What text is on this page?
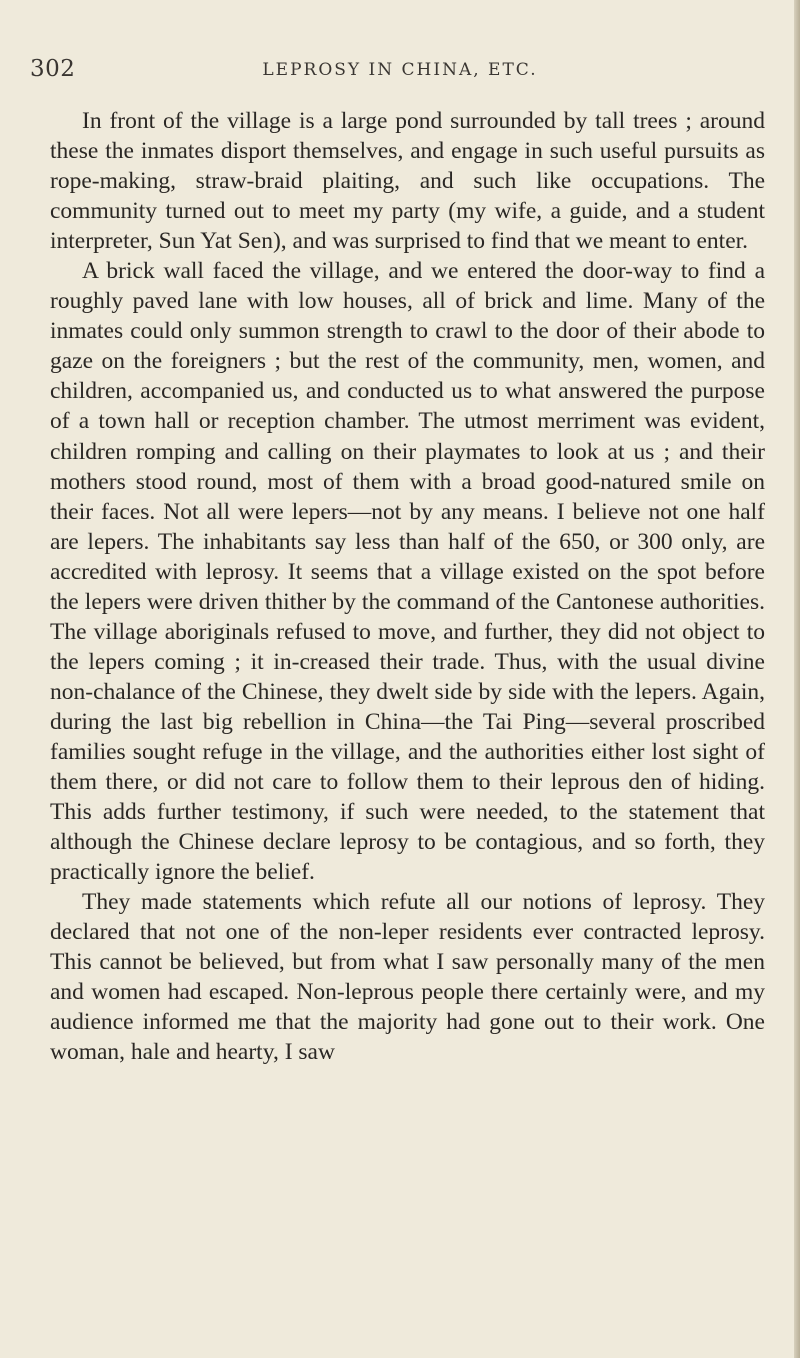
302	LEPROSY IN CHINA, ETC.

In front of the village is a large pond surrounded by tall trees ; around these the inmates disport themselves, and engage in such useful pursuits as rope-making, straw-braid plaiting, and such like occupations. The community turned out to meet my party (my wife, a guide, and a student interpreter, Sun Yat Sen), and was surprised to find that we meant to enter.

A brick wall faced the village, and we entered the door-way to find a roughly paved lane with low houses, all of brick and lime. Many of the inmates could only summon strength to crawl to the door of their abode to gaze on the foreigners ; but the rest of the community, men, women, and children, accompanied us, and conducted us to what answered the purpose of a town hall or reception chamber. The utmost merriment was evident, children romping and calling on their playmates to look at us ; and their mothers stood round, most of them with a broad good-natured smile on their faces. Not all were lepers—not by any means. I believe not one half are lepers. The inhabitants say less than half of the 650, or 300 only, are accredited with leprosy. It seems that a village existed on the spot before the lepers were driven thither by the command of the Cantonese authorities. The village aboriginals refused to move, and further, they did not object to the lepers coming ; it in-creased their trade. Thus, with the usual divine non-chalance of the Chinese, they dwelt side by side with the lepers. Again, during the last big rebellion in China—the Tai Ping—several proscribed families sought refuge in the village, and the authorities either lost sight of them there, or did not care to follow them to their leprous den of hiding. This adds further testimony, if such were needed, to the statement that although the Chinese declare leprosy to be contagious, and so forth, they practically ignore the belief.

They made statements which refute all our notions of leprosy. They declared that not one of the non-leper residents ever contracted leprosy. This cannot be believed, but from what I saw personally many of the men and women had escaped. Non-leprous people there certainly were, and my audience informed me that the majority had gone out to their work. One woman, hale and hearty, I saw
